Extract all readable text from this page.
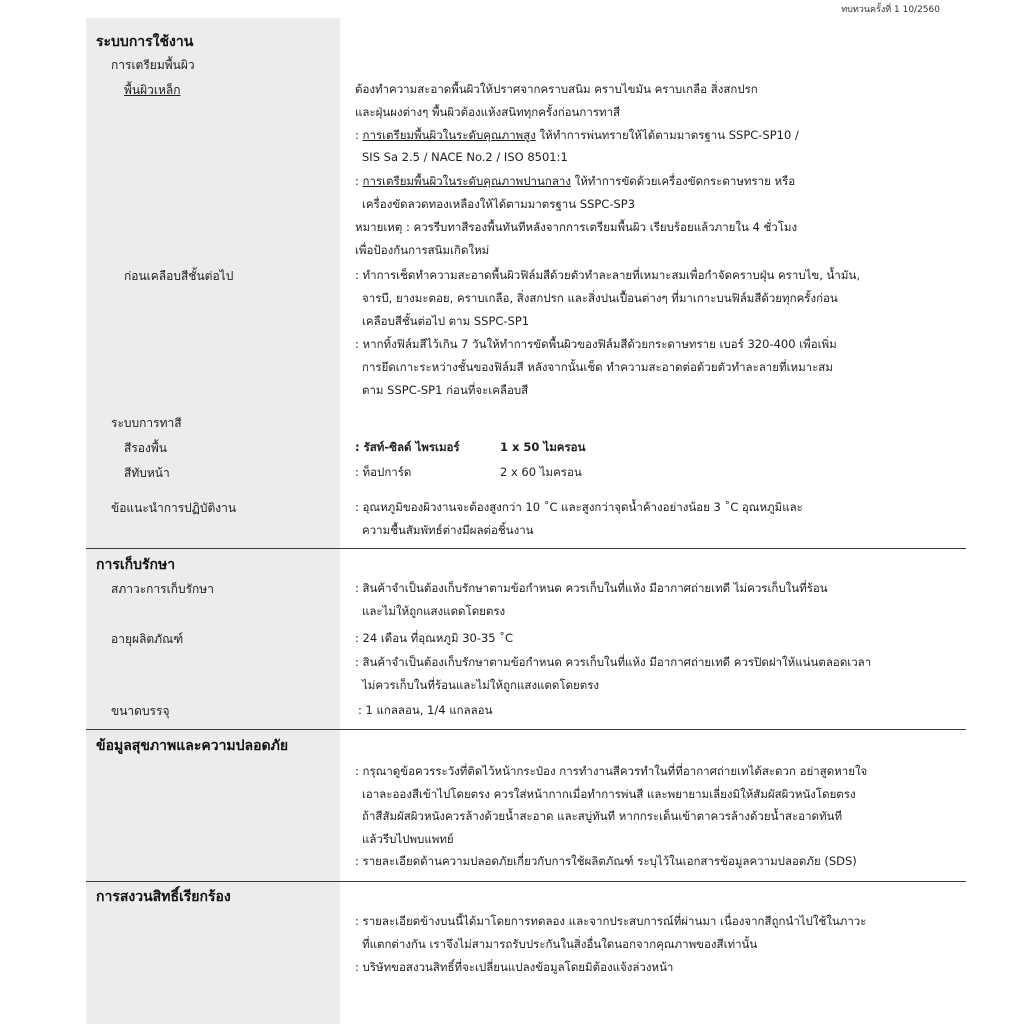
ทบทวนครั้งที่ 1 10/2560
ระบบการใช้งาน
การเตรียมพื้นผิว
พื้นผิวเหล็ก	ต้องทำความสะอาดพื้นผิวให้ปราศจากคราบสนิม คราบไขมัน คราบเกลือ สิ่งสกปรก
และฝุ่นผงต่างๆ พื้นผิวต้องแห้งสนิททุกครั้งก่อนการทาสี
: การเตรียมพื้นผิวในระดับคุณภาพสูง ให้ทำการพ่นทรายให้ได้ตามมาตรฐาน SSPC-SP10 /
SIS Sa 2.5 / NACE No.2 / ISO 8501:1
: การเตรียมพื้นผิวในระดับคุณภาพปานกลาง ให้ทำการขัดด้วยเครื่องขัดกระดาษทราย หรือ
เครื่องขัดลวดทองเหลืองให้ได้ตามมาตรฐาน SSPC-SP3
หมายเหตุ : ควรรีบทาสีรองพื้นทันทีหลังจากการเตรียมพื้นผิว เรียบร้อยแล้วภายใน 4 ชั่วโมง
เพื่อป้องกันการสนิมเกิดใหม่
ก่อนเคลือบสีชั้นต่อไป	: ทำการเช็ดทำความสะอาดพื้นผิวฟิล์มสีด้วยตัวทำละลายที่เหมาะสมเพื่อกำจัดคราบฝุ่น คราบไข, น้ำมัน,
จารบี, ยางมะตอย, คราบเกลือ, สิ่งสกปรก และสิ่งปนเปื้อนต่างๆ ที่มาเกาะบนฟิล์มสีด้วยทุกครั้งก่อน
เคลือบสีชั้นต่อไป ตาม SSPC-SP1
: หากทิ้งฟิล์มสีไว้เกิน 7 วันให้ทำการขัดพื้นผิวของฟิล์มสีด้วยกระดาษทราย เบอร์ 320-400 เพื่อเพิ่ม
การยึดเกาะระหว่างชั้นของฟิล์มสี หลังจากนั้นเช็ด ทำความสะอาดต่อด้วยตัวทำละลายที่เหมาะสม
ตาม SSPC-SP1 ก่อนที่จะเคลือบสี
ระบบการทาสี
สีรองพื้น	: รัสท์-ซิลด์ ไพรเมอร์	1 x 50 ไมครอน
สีทับหน้า	: ท็อปการ์ด	2 x 60 ไมครอน
ข้อแนะนำการปฏิบัติงาน	: อุณหภูมิของผิวงานจะต้องสูงกว่า 10 ˚C และสูงกว่าจุดน้ำค้างอย่างน้อย 3 ˚C อุณหภูมิและ
ความชื้นสัมพัทธ์ต่างมีผลต่อชิ้นงาน
การเก็บรักษา
สภาวะการเก็บรักษา	: สินค้าจำเป็นต้องเก็บรักษาตามข้อกำหนด ควรเก็บในที่แห้ง มีอากาศถ่ายเทดี ไม่ควรเก็บในที่ร้อน
และไม่ให้ถูกแสงแดดโดยตรง
อายุผลิตภัณฑ์	: 24 เดือน ที่อุณหภูมิ 30-35 ˚C
: สินค้าจำเป็นต้องเก็บรักษาตามข้อกำหนด ควรเก็บในที่แห้ง มีอากาศถ่ายเทดี ควรปิดฝาให้แน่นตลอดเวลา
ไม่ควรเก็บในที่ร้อนและไม่ให้ถูกแสงแดดโดยตรง
ขนาดบรรจุ	: 1 แกลลอน, 1/4 แกลลอน
ข้อมูลสุขภาพและความปลอดภัย
: กรุณาดูข้อควรระวังที่ติดไว้หน้ากระป๋อง การทำงานสีควรทำในที่ที่อากาศถ่ายเทได้สะดวก อย่าสูดหายใจ
เอาละอองสีเข้าไปโดยตรง ควรใส่หน้ากากเมื่อทำการพ่นสี และพยายามเลี่ยงมิให้สัมผัสผิวหนังโดยตรง
ถ้าสีสัมผัสผิวหนังควรล้างด้วยน้ำสะอาด และสบู่ทันที หากกระเด็นเข้าตาควรล้างด้วยน้ำสะอาดทันที
แล้วรีบไปพบแพทย์
: รายละเอียดด้านความปลอดภัยเกี่ยวกับการใช้ผลิตภัณฑ์ ระบุไว้ในเอกสารข้อมูลความปลอดภัย (SDS)
การสงวนสิทธิ์เรียกร้อง
: รายละเอียดข้างบนนี้ได้มาโดยการทดลอง และจากประสบการณ์ที่ผ่านมา เนื่องจากสีถูกนำไปใช้ในภาวะ
ที่แตกต่างกัน เราจึงไม่สามารถรับประกันในสิ่งอื่นใดนอกจากคุณภาพของสีเท่านั้น
: บริษัทขอสงวนสิทธิ์ที่จะเปลี่ยนแปลงข้อมูลโดยมิต้องแจ้งล่วงหน้า
